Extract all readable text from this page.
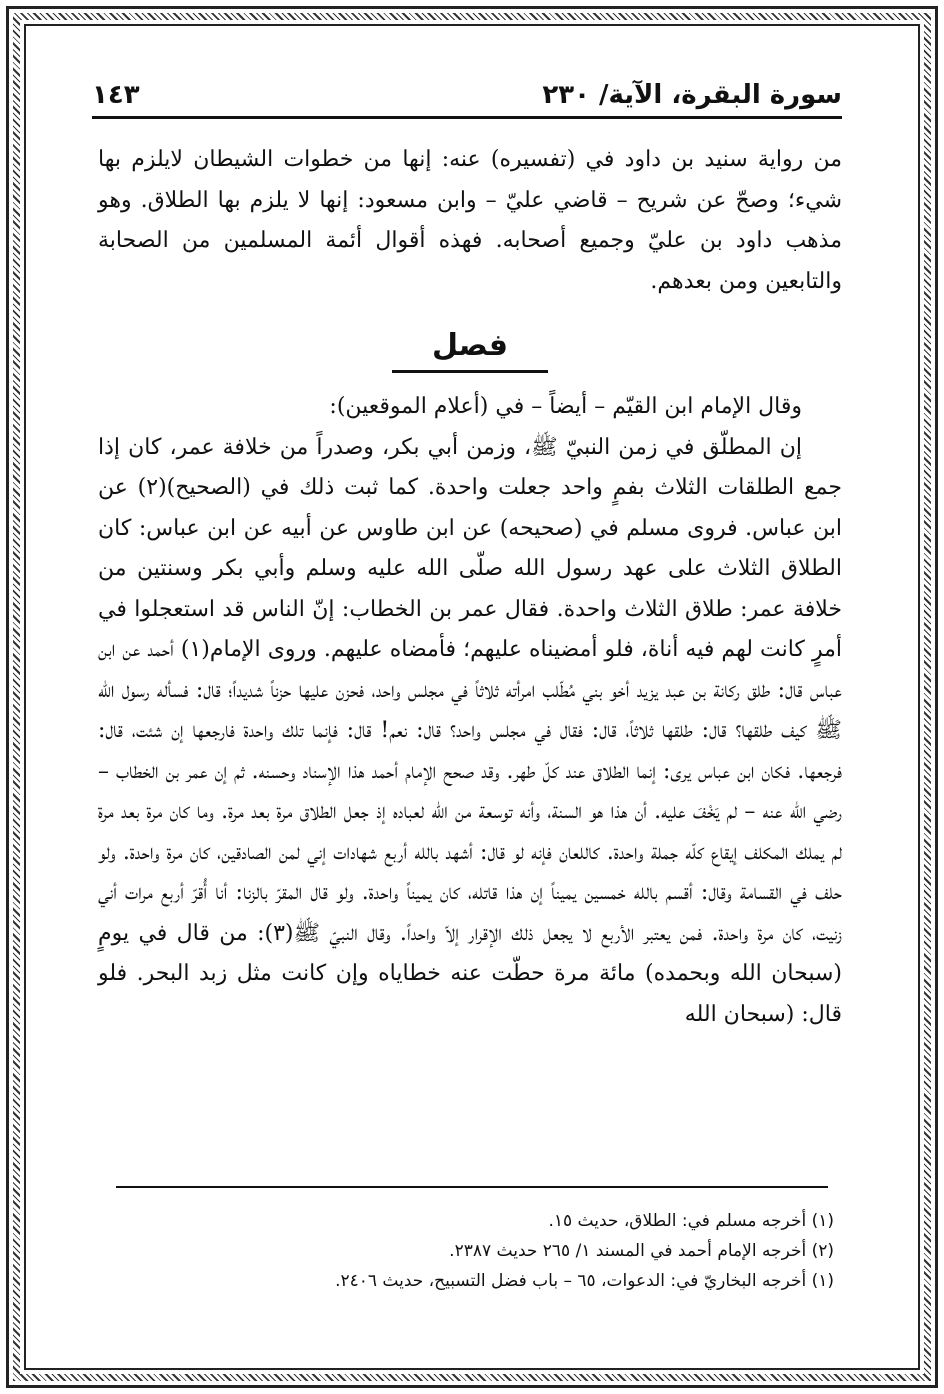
سورة البقرة، الآية/ ٢٣٠
١٤٣

من رواية سنيد بن داود في (تفسيره) عنه: إنها من خطوات الشيطان لايلزم بها شيء؛ وصحّ عن شريح – قاضي عليّ – وابن مسعود: إنها لا يلزم بها الطلاق. وهو مذهب داود بن عليّ وجميع أصحابه. فهذه أقوال أئمة المسلمين من الصحابة والتابعين ومن بعدهم.

فصل

وقال الإمام ابن القيّم – أيضاً – في (أعلام الموقعين):

إن المطلّق في زمن النبيّ ﷺ، وزمن أبي بكر، وصدراً من خلافة عمر، كان إذا جمع الطلقات الثلاث بفمٍ واحد جعلت واحدة. كما ثبت ذلك في (الصحيح)(٢) عن ابن عباس. فروى مسلم في (صحيحه) عن ابن طاوس عن أبيه عن ابن عباس: كان الطلاق الثلاث على عهد رسول الله صلّى الله عليه وسلم وأبي بكر وسنتين من خلافة عمر: طلاق الثلاث واحدة. فقال عمر بن الخطاب: إنّ الناس قد استعجلوا في أمرٍ كانت لهم فيه أناة، فلو أمضيناه عليهم؛ فأمضاه عليهم. وروى الإمام(١) أحمد عن ابن عباس قال: طلق ركانة بن عبد يزيد أخو بني مُطّلب امرأته ثلاثاً في مجلس واحد، فحزن عليها حزناً شديداً؛ قال: فسأله رسول الله ﷺ كيف طلقها؟ قال: طلقها ثلاثاً، قال: فقال في مجلس واحد؟ قال: نعم! قال: فإنما تلك واحدة فارجعها إن شئت، قال: فرجعها. فكان ابن عباس يرى: إنما الطلاق عند كلّ طهر. وقد صحح الإمام أحمد هذا الإسناد وحسنه. ثم إن عمر بن الخطاب – رضي الله عنه – لم يَخْفَ عليه. أن هذا هو السنة، وأنه توسعة من الله لعباده إذ جعل الطلاق مرة بعد مرة. وما كان مرة بعد مرة لم يملك المكلف إيقاع كلّه جملة واحدة. كاللعان فإنه لو قال: أشهد بالله أربع شهادات إني لمن الصادقين، كان مرة واحدة. ولو حلف في القسامة وقال: أقسم بالله خمسين يميناً إن هذا قاتله، كان يميناً واحدة. ولو قال المقرّ بالزنا: أنا أُقرّ أربع مرات أني زنيت، كان مرة واحدة. فمن يعتبر الأربع لا يجعل ذلك الإقرار إلاّ واحداً. وقال النبيّ ﷺ(٣): من قال في يومٍ (سبحان الله وبحمده) مائة مرة حطّت عنه خطاياه وإن كانت مثل زبد البحر. فلو قال: (سبحان الله

(١) أخرجه مسلم في: الطلاق، حديث ١٥.
(٢) أخرجه الإمام أحمد في المسند ١/ ٢٦٥ حديث ٢٣٨٧.
(١) أخرجه البخاريّ في: الدعوات، ٦٥ – باب فضل التسبيح، حديث ٢٤٠٦.
